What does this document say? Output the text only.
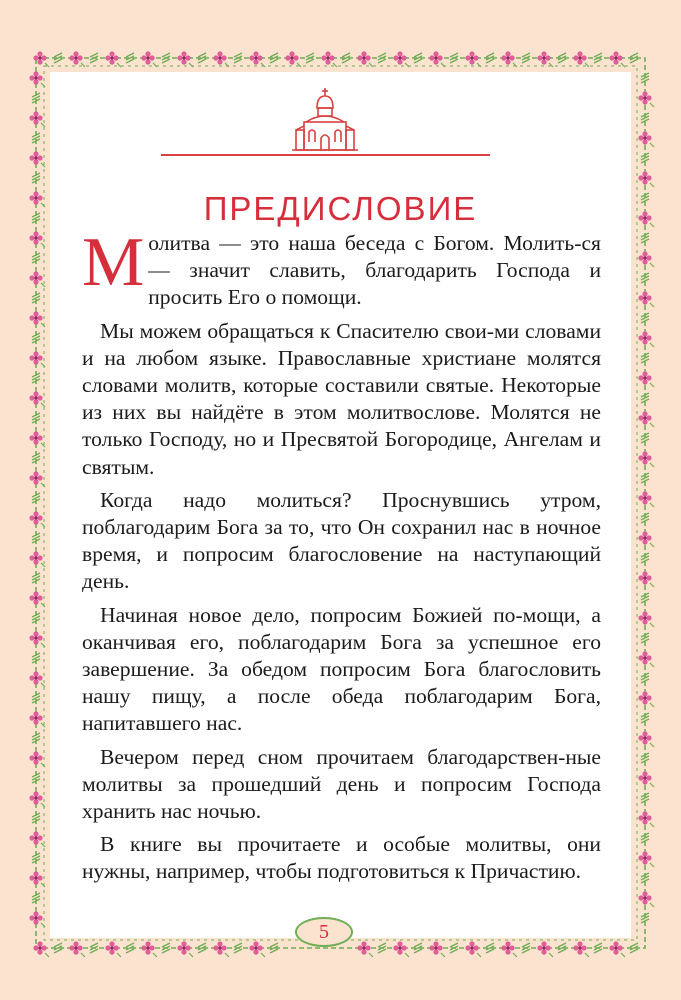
ПРЕДИСЛОВИЕ

Молитва — это наша беседа с Богом. Молить-ся — значит славить, благодарить Господа и просить Его о помощи.

Мы можем обращаться к Спасителю свои-ми словами и на любом языке. Православные христиане молятся словами молитв, которые составили святые. Некоторые из них вы найдёте в этом молитвослове. Молятся не только Господу, но и Пресвятой Богородице, Ангелам и святым.

Когда надо молиться? Проснувшись утром, поблагодарим Бога за то, что Он сохранил нас в ночное время, и попросим благословение на наступающий день.

Начиная новое дело, попросим Божией по-мощи, а оканчивая его, поблагодарим Бога за успешное его завершение. За обедом попросим Бога благословить нашу пищу, а после обеда поблагодарим Бога, напитавшего нас.

Вечером перед сном прочитаем благодарствен-ные молитвы за прошедший день и попросим Господа хранить нас ночью.

В книге вы прочитаете и особые молитвы, они нужны, например, чтобы подготовиться к Причастию.

5
